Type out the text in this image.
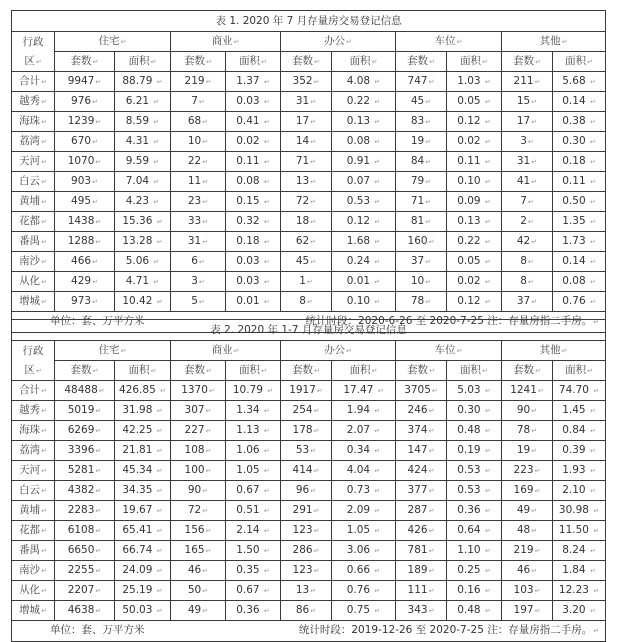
表 1. 2020 年 7 月存量房交易登记信息										
行政	住宅↵		商业↵		办公↵		车位↵		其他↵	
区↵	套数↵	面积↵	套数↵	面积↵	套数↵	面积↵	套数↵	面积↵	套数↵	面积↵
合计↵	9947↵	88.79 ↵	219↵	1.37 ↵	352↵	4.08 ↵	747↵	1.03 ↵	211↵	5.68 ↵
越秀↵	976↵	6.21 ↵	7↵	0.03 ↵	31↵	0.22 ↵	45↵	0.05 ↵	15↵	0.14 ↵
海珠↵	1239↵	8.59 ↵	68↵	0.41 ↵	17↵	0.13 ↵	83↵	0.12 ↵	17↵	0.38 ↵
荔湾↵	670↵	4.31 ↵	10↵	0.02 ↵	14↵	0.08 ↵	19↵	0.02 ↵	3↵	0.30 ↵
天河↵	1070↵	9.59 ↵	22↵	0.11 ↵	71↵	0.91 ↵	84↵	0.11 ↵	31↵	0.18 ↵
白云↵	903↵	7.04 ↵	11↵	0.08 ↵	13↵	0.07 ↵	79↵	0.10 ↵	41↵	0.11 ↵
黄埔↵	495↵	4.23 ↵	23↵	0.15 ↵	72↵	0.53 ↵	71↵	0.09 ↵	7↵	0.50 ↵
花都↵	1438↵	15.36 ↵	33↵	0.32 ↵	18↵	0.12 ↵	81↵	0.13 ↵	2↵	1.35 ↵
番禺↵	1288↵	13.28 ↵	31↵	0.18 ↵	62↵	1.68 ↵	160↵	0.22 ↵	42↵	1.73 ↵
南沙↵	466↵	5.06 ↵	6↵	0.03 ↵	45↵	0.24 ↵	37↵	0.05 ↵	8↵	0.14 ↵
从化↵	429↵	4.71 ↵	3↵	0.03 ↵	1↵	0.01 ↵	10↵	0.02 ↵	8↵	0.08 ↵
增城↵	973↵	10.42 ↵	5↵	0.01 ↵	8↵	0.10 ↵	78↵	0.12 ↵	37↵	0.76 ↵

单位：套、万平方米 统计时段：2020-6-26 至 2020-7-25 注：存量房指二手房。↵										

表 2. 2020 年 1-7 月存量房交易登记信息										
行政	住宅↵		商业↵		办公↵		车位↵		其他↵	
区↵	套数↵	面积↵	套数↵	面积↵	套数↵	面积↵	套数↵	面积↵	套数↵	面积↵
合计↵	48488↵	426.85 ↵	1370↵	10.79 ↵	1917↵	17.47 ↵	3705↵	5.03 ↵	1241↵	74.70 ↵
越秀↵	5019↵	31.98 ↵	307↵	1.34 ↵	254↵	1.94 ↵	246↵	0.30 ↵	90↵	1.45 ↵
海珠↵	6269↵	42.25 ↵	227↵	1.13 ↵	178↵	2.07 ↵	374↵	0.48 ↵	78↵	0.84 ↵
荔湾↵	3396↵	21.81 ↵	108↵	1.06 ↵	53↵	0.34 ↵	147↵	0.19 ↵	19↵	0.39 ↵
天河↵	5281↵	45.34 ↵	100↵	1.05 ↵	414↵	4.04 ↵	424↵	0.53 ↵	223↵	1.93 ↵
白云↵	4382↵	34.35 ↵	90↵	0.67 ↵	96↵	0.73 ↵	377↵	0.53 ↵	169↵	2.10 ↵
黄埔↵	2283↵	19.67 ↵	72↵	0.51 ↵	291↵	2.09 ↵	287↵	0.36 ↵	49↵	30.98 ↵
花都↵	6108↵	65.41 ↵	156↵	2.14 ↵	123↵	1.05 ↵	426↵	0.64 ↵	48↵	11.50 ↵
番禺↵	6650↵	66.74 ↵	165↵	1.50 ↵	286↵	3.06 ↵	781↵	1.10 ↵	219↵	8.24 ↵
南沙↵	2255↵	24.09 ↵	46↵	0.35 ↵	123↵	0.66 ↵	189↵	0.25 ↵	46↵	1.84 ↵
从化↵	2207↵	25.19 ↵	50↵	0.67 ↵	13↵	0.76 ↵	111↵	0.16 ↵	103↵	12.23 ↵
增城↵	4638↵	50.03 ↵	49↵	0.36 ↵	86↵	0.75 ↵	343↵	0.48 ↵	197↵	3.20 ↵

单位：套、万平方米 统计时段：2019-12-26 至 2020-7-25 注：存量房指二手房。↵										
